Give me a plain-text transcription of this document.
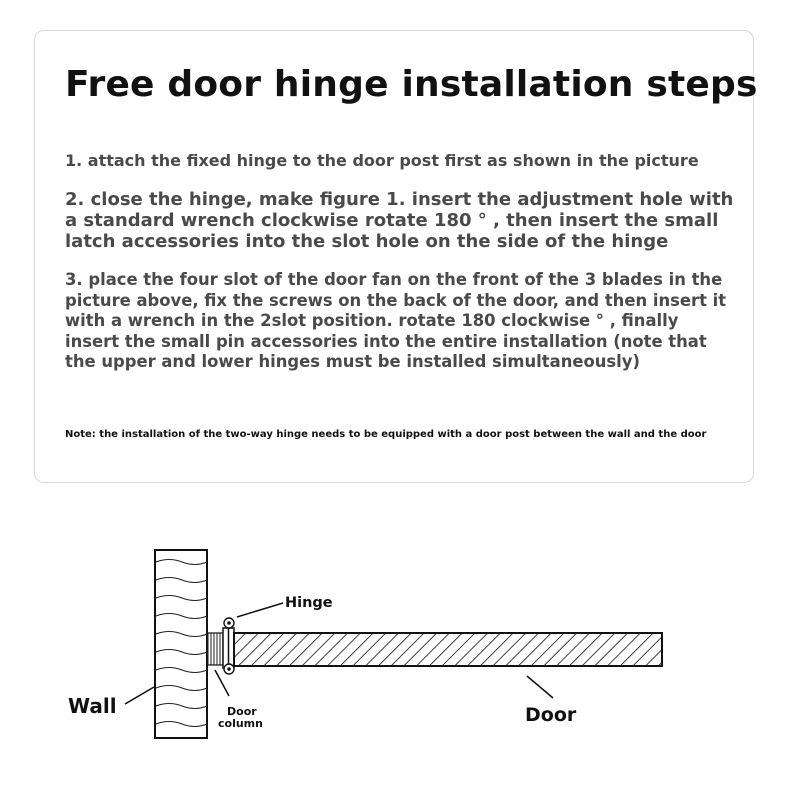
Free door hinge installation steps

1. attach the fixed hinge to the door post first as shown in the picture

2. close the hinge, make figure 1. insert the adjustment hole with a standard wrench clockwise rotate 180 ° , then insert the small latch accessories into the slot hole on the side of the hinge

3. place the four slot of the door fan on the front of the 3 blades in the picture above, fix the screws on the back of the door, and then insert it with a wrench in the 2slot position. rotate 180 clockwise ° , finally insert the small pin accessories into the entire installation (note that the upper and lower hinges must be installed simultaneously)

Note: the installation of the two-way hinge needs to be equipped with a door post between the wall and the door

Hinge
Wall	Door
column	Door
